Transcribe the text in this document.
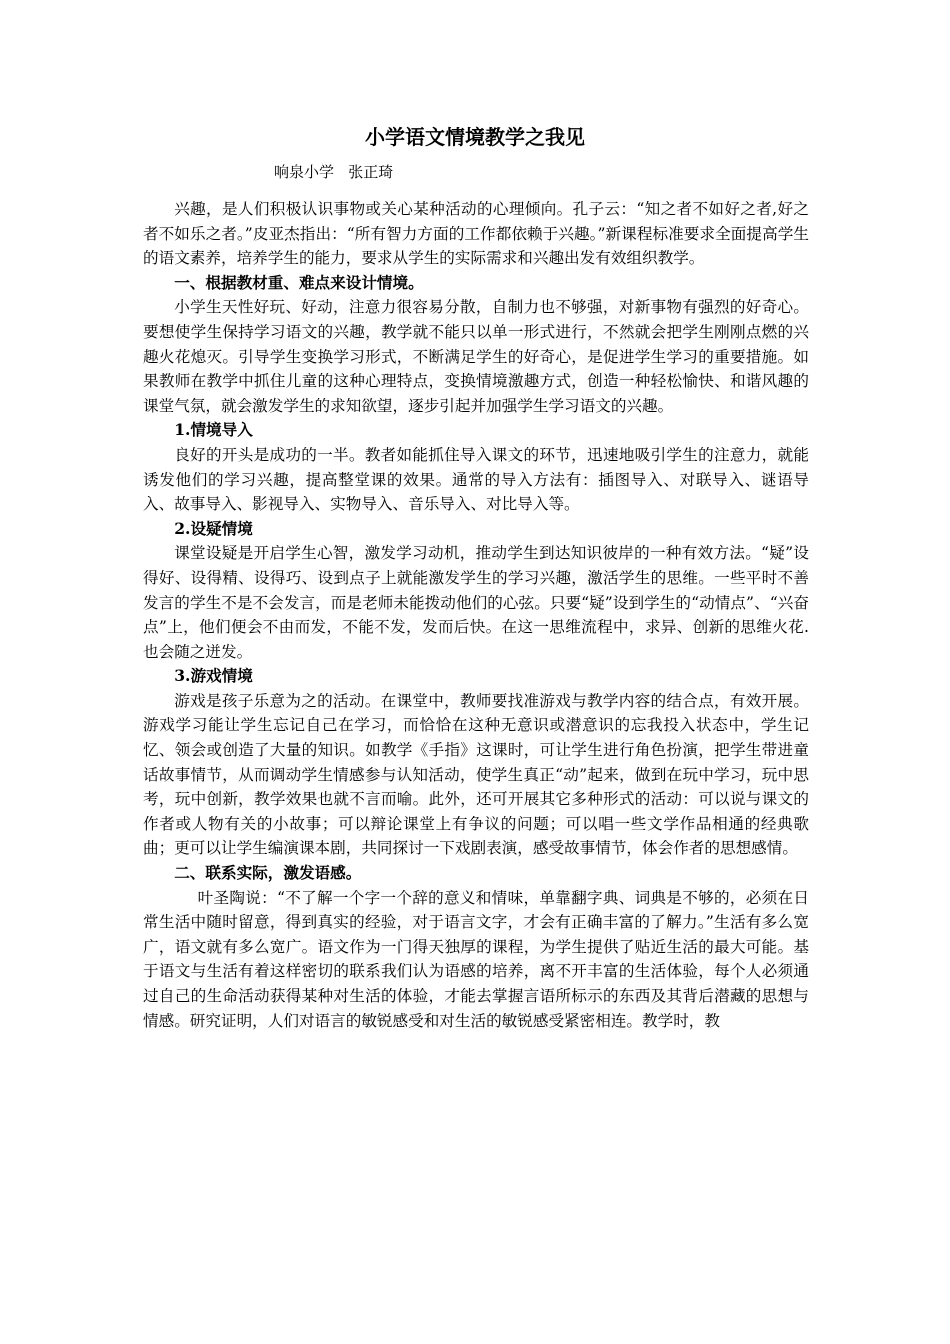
小学语文情境教学之我见
响泉小学   张正琦

兴趣，是人们积极认识事物或关心某种活动的心理倾向。孔子云：“知之者不如好之者,好之者不如乐之者。”皮亚杰指出：“所有智力方面的工作都依赖于兴趣。”新课程标准要求全面提高学生的语文素养，培养学生的能力，要求从学生的实际需求和兴趣出发有效组织教学。

一、根据教材重、难点来设计情境。

小学生天性好玩、好动，注意力很容易分散，自制力也不够强，对新事物有强烈的好奇心。要想使学生保持学习语文的兴趣，教学就不能只以单一形式进行，不然就会把学生刚刚点燃的兴趣火花熄灭。引导学生变换学习形式，不断满足学生的好奇心，是促进学生学习的重要措施。如果教师在教学中抓住儿童的这种心理特点，变换情境激趣方式，创造一种轻松愉快、和谐风趣的课堂气氛，就会激发学生的求知欲望，逐步引起并加强学生学习语文的兴趣。

1.情境导入

良好的开头是成功的一半。教者如能抓住导入课文的环节，迅速地吸引学生的注意力，就能诱发他们的学习兴趣，提高整堂课的效果。通常的导入方法有：插图导入、对联导入、谜语导入、故事导入、影视导入、实物导入、音乐导入、对比导入等。

2.设疑情境

课堂设疑是开启学生心智，激发学习动机，推动学生到达知识彼岸的一种有效方法。“疑”设得好、设得精、设得巧、设到点子上就能激发学生的学习兴趣，激活学生的思维。一些平时不善发言的学生不是不会发言，而是老师未能拨动他们的心弦。只要“疑”设到学生的“动情点”、“兴奋点”上，他们便会不由而发，不能不发，发而后快。在这一思维流程中，求异、创新的思维火花. 也会随之迸发。

3.游戏情境

游戏是孩子乐意为之的活动。在课堂中，教师要找准游戏与教学内容的结合点，有效开展。游戏学习能让学生忘记自己在学习，而恰恰在这种无意识或潜意识的忘我投入状态中，学生记忆、领会或创造了大量的知识。如教学《手指》这课时，可让学生进行角色扮演，把学生带进童话故事情节，从而调动学生情感参与认知活动，使学生真正“动”起来，做到在玩中学习，玩中思考，玩中创新，教学效果也就不言而喻。此外，还可开展其它多种形式的活动：可以说与课文的作者或人物有关的小故事；可以辩论课堂上有争议的问题；可以唱一些文学作品相通的经典歌曲；更可以让学生编演课本剧，共同探讨一下戏剧表演，感受故事情节，体会作者的思想感情。

二、联系实际，激发语感。

叶圣陶说：“不了解一个字一个辞的意义和情味，单靠翻字典、词典是不够的，必须在日常生活中随时留意，得到真实的经验，对于语言文字，才会有正确丰富的了解力。”生活有多么宽广，语文就有多么宽广。语文作为一门得天独厚的课程，为学生提供了贴近生活的最大可能。基于语文与生活有着这样密切的联系我们认为语感的培养，离不开丰富的生活体验，每个人必须通过自己的生命活动获得某种对生活的体验，才能去掌握言语所标示的东西及其背后潜藏的思想与情感。研究证明，人们对语言的敏锐感受和对生活的敏锐感受紧密相连。教学时，教
